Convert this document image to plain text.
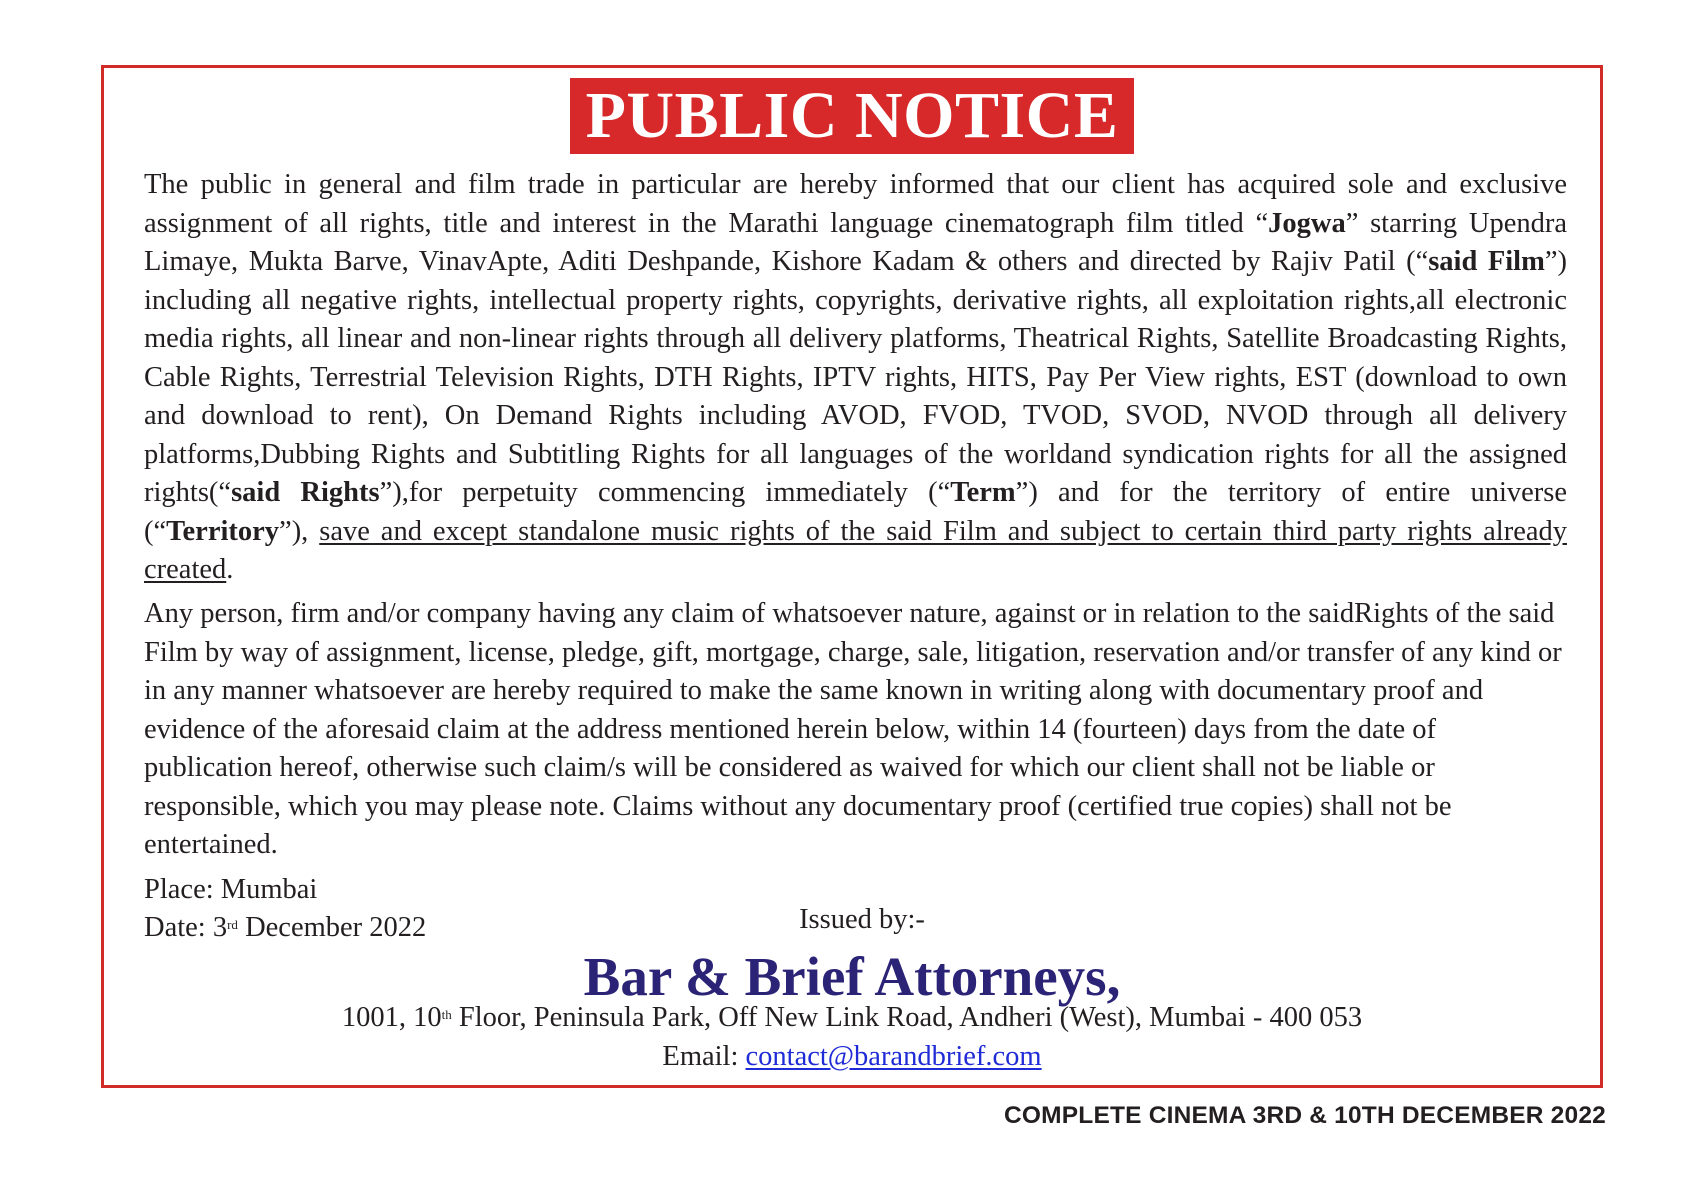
PUBLIC NOTICE

The public in general and film trade in particular are hereby informed that our client has acquired sole and exclusive assignment of all rights, title and interest in the Marathi language cinematograph film titled “Jogwa” starring Upendra Limaye, Mukta Barve, VinavApte, Aditi Deshpande, Kishore Kadam & others and directed by Rajiv Patil (“said Film”) including all negative rights, intellectual property rights, copyrights, derivative rights, all exploitation rights,all electronic media rights, all linear and non-linear rights through all delivery platforms, Theatrical Rights, Satellite Broadcasting Rights, Cable Rights, Terrestrial Television Rights, DTH Rights, IPTV rights, HITS, Pay Per View rights, EST (download to own and download to rent), On Demand Rights including AVOD, FVOD, TVOD, SVOD, NVOD through all delivery platforms,Dubbing Rights and Subtitling Rights for all languages of the worldand syndication rights for all the assigned rights(“said Rights”),for perpetuity commencing immediately (“Term”) and for the territory of entire universe (“Territory”), save and except standalone music rights of the said Film and subject to certain third party rights already created.

Any person, firm and/or company having any claim of whatsoever nature, against or in relation to the saidRights of the said Film by way of assignment, license, pledge, gift, mortgage, charge, sale, litigation, reservation and/or transfer of any kind or in any manner whatsoever are hereby required to make the same known in writing along with documentary proof and evidence of the aforesaid claim at the address mentioned herein below, within 14 (fourteen) days from the date of publication hereof, otherwise such claim/s will be considered as waived for which our client shall not be liable or responsible, which you may please note. Claims without any documentary proof (certified true copies) shall not be entertained.

Place: Mumbai
Date: 3rd December 2022	Issued by:-
Bar & Brief Attorneys,
1001, 10th Floor, Peninsula Park, Off New Link Road, Andheri (West), Mumbai - 400 053
Email: contact@barandbrief.com
COMPLETE CINEMA 3RD & 10TH DECEMBER 2022
